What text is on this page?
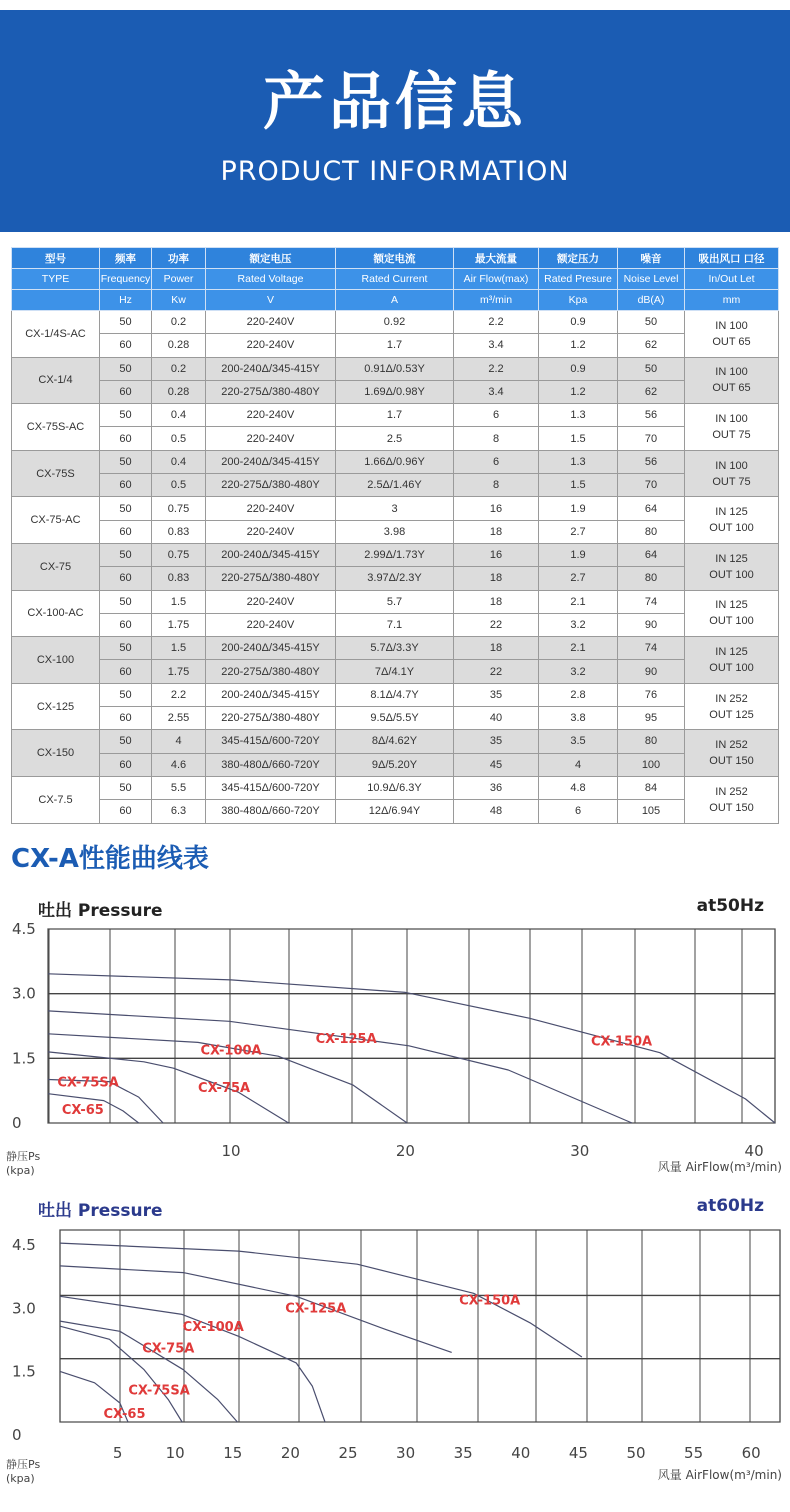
产品信息
PRODUCT INFORMATION
型号	频率	功率	额定电压	额定电流	最大流量	额定压力	噪音	吸出风口 口径
TYPE	Frequency	Power	Rated Voltage	Rated Current	Air Flow(max)	Rated Presure	Noise Level	In/Out Let
	Hz	Kw	V	A	m³/min	Kpa	dB(A)	mm
CX-1/4S-AC	50	0.2	220-240V	0.92	2.2	0.9	50	IN 100
OUT 65

	60	0.28	220-240V	1.7	3.4	1.2	62	
CX-1/4	50	0.2	200-240Δ/345-415Y	0.91Δ/0.53Y	2.2	0.9	50	IN 100
OUT 65

	60	0.28	220-275Δ/380-480Y	1.69Δ/0.98Y	3.4	1.2	62	
CX-75S-AC	50	0.4	220-240V	1.7	6	1.3	56	IN 100
OUT 75

	60	0.5	220-240V	2.5	8	1.5	70	
CX-75S	50	0.4	200-240Δ/345-415Y	1.66Δ/0.96Y	6	1.3	56	IN 100
OUT 75

	60	0.5	220-275Δ/380-480Y	2.5Δ/1.46Y	8	1.5	70	
CX-75-AC	50	0.75	220-240V	3	16	1.9	64	IN 125
OUT 100

	60	0.83	220-240V	3.98	18	2.7	80	
CX-75	50	0.75	200-240Δ/345-415Y	2.99Δ/1.73Y	16	1.9	64	IN 125
OUT 100

	60	0.83	220-275Δ/380-480Y	3.97Δ/2.3Y	18	2.7	80	
CX-100-AC	50	1.5	220-240V	5.7	18	2.1	74	IN 125
OUT 100

	60	1.75	220-240V	7.1	22	3.2	90	
CX-100	50	1.5	200-240Δ/345-415Y	5.7Δ/3.3Y	18	2.1	74	IN 125
OUT 100

	60	1.75	220-275Δ/380-480Y	7Δ/4.1Y	22	3.2	90	
CX-125	50	2.2	200-240Δ/345-415Y	8.1Δ/4.7Y	35	2.8	76	IN 252
OUT 125

	60	2.55	220-275Δ/380-480Y	9.5Δ/5.5Y	40	3.8	95	
CX-150	50	4	345-415Δ/600-720Y	8Δ/4.62Y	35	3.5	80	IN 252
OUT 150

	60	4.6	380-480Δ/660-720Y	9Δ/5.20Y	45	4	100	
CX-7.5	50	5.5	345-415Δ/600-720Y	10.9Δ/6.3Y	36	4.8	84	IN 252
OUT 150

	60	6.3	380-480Δ/660-720Y	12Δ/6.94Y	48	6	105	
CX-A性能曲线表
4.5
3.0
1.5
0
10	20	30	40
CX-150A
CX-125A
CX-100A
CX-75A
CX-75SA
CX-65
吐出 Pressure	at50Hz
静压Ps
(kpa)	风量 AirFlow(m³/min)
4.5
3.0
1.5
0
5	10	15	20	25	30	35	40	45	50	55	60
CX-150A
CX-125A
CX-100A
CX-75A
CX-75SA
CX-65
吐出 Pressure	at60Hz
静压Ps
(kpa)	风量 AirFlow(m³/min)
